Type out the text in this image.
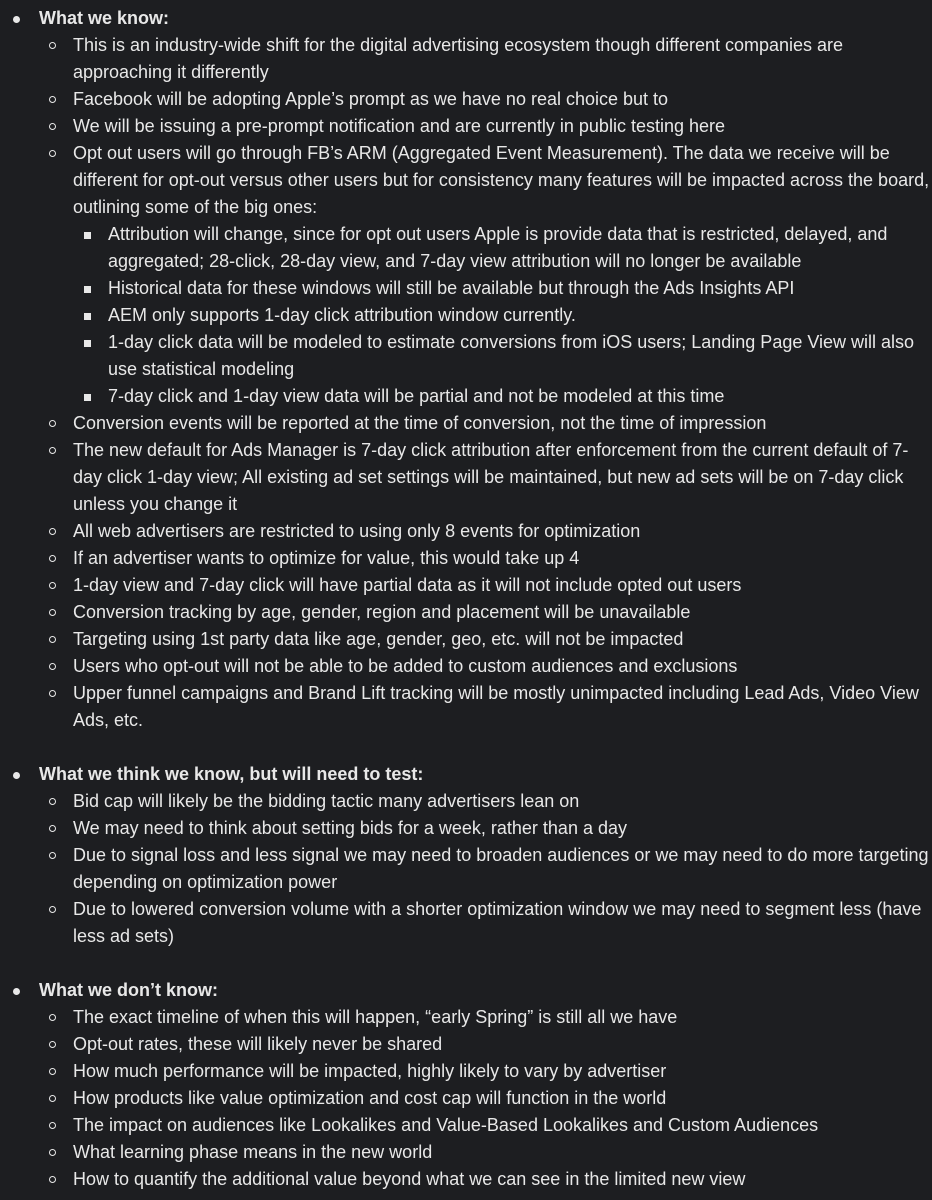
What we know:
This is an industry-wide shift for the digital advertising ecosystem though different companies are approaching it differently
Facebook will be adopting Apple’s prompt as we have no real choice but to
We will be issuing a pre-prompt notification and are currently in public testing here
Opt out users will go through FB’s ARM (Aggregated Event Measurement). The data we receive will be different for opt-out versus other users but for consistency many features will be impacted across the board, outlining some of the big ones:
Attribution will change, since for opt out users Apple is provide data that is restricted, delayed, and aggregated; 28-click, 28-day view, and 7-day view attribution will no longer be available
Historical data for these windows will still be available but through the Ads Insights API
AEM only supports 1-day click attribution window currently.
1-day click data will be modeled to estimate conversions from iOS users; Landing Page View will also use statistical modeling
7-day click and 1-day view data will be partial and not be modeled at this time
Conversion events will be reported at the time of conversion, not the time of impression
The new default for Ads Manager is 7-day click attribution after enforcement from the current default of 7-day click 1-day view; All existing ad set settings will be maintained, but new ad sets will be on 7-day click unless you change it
All web advertisers are restricted to using only 8 events for optimization
If an advertiser wants to optimize for value, this would take up 4
1-day view and 7-day click will have partial data as it will not include opted out users
Conversion tracking by age, gender, region and placement will be unavailable
Targeting using 1st party data like age, gender, geo, etc. will not be impacted
Users who opt-out will not be able to be added to custom audiences and exclusions
Upper funnel campaigns and Brand Lift tracking will be mostly unimpacted including Lead Ads, Video View Ads, etc.
What we think we know, but will need to test:
Bid cap will likely be the bidding tactic many advertisers lean on
We may need to think about setting bids for a week, rather than a day
Due to signal loss and less signal we may need to broaden audiences or we may need to do more targeting depending on optimization power
Due to lowered conversion volume with a shorter optimization window we may need to segment less (have less ad sets)
What we don’t know:
The exact timeline of when this will happen, “early Spring” is still all we have
Opt-out rates, these will likely never be shared
How much performance will be impacted, highly likely to vary by advertiser
How products like value optimization and cost cap will function in the world
The impact on audiences like Lookalikes and Value-Based Lookalikes and Custom Audiences
What learning phase means in the new world
How to quantify the additional value beyond what we can see in the limited new view
